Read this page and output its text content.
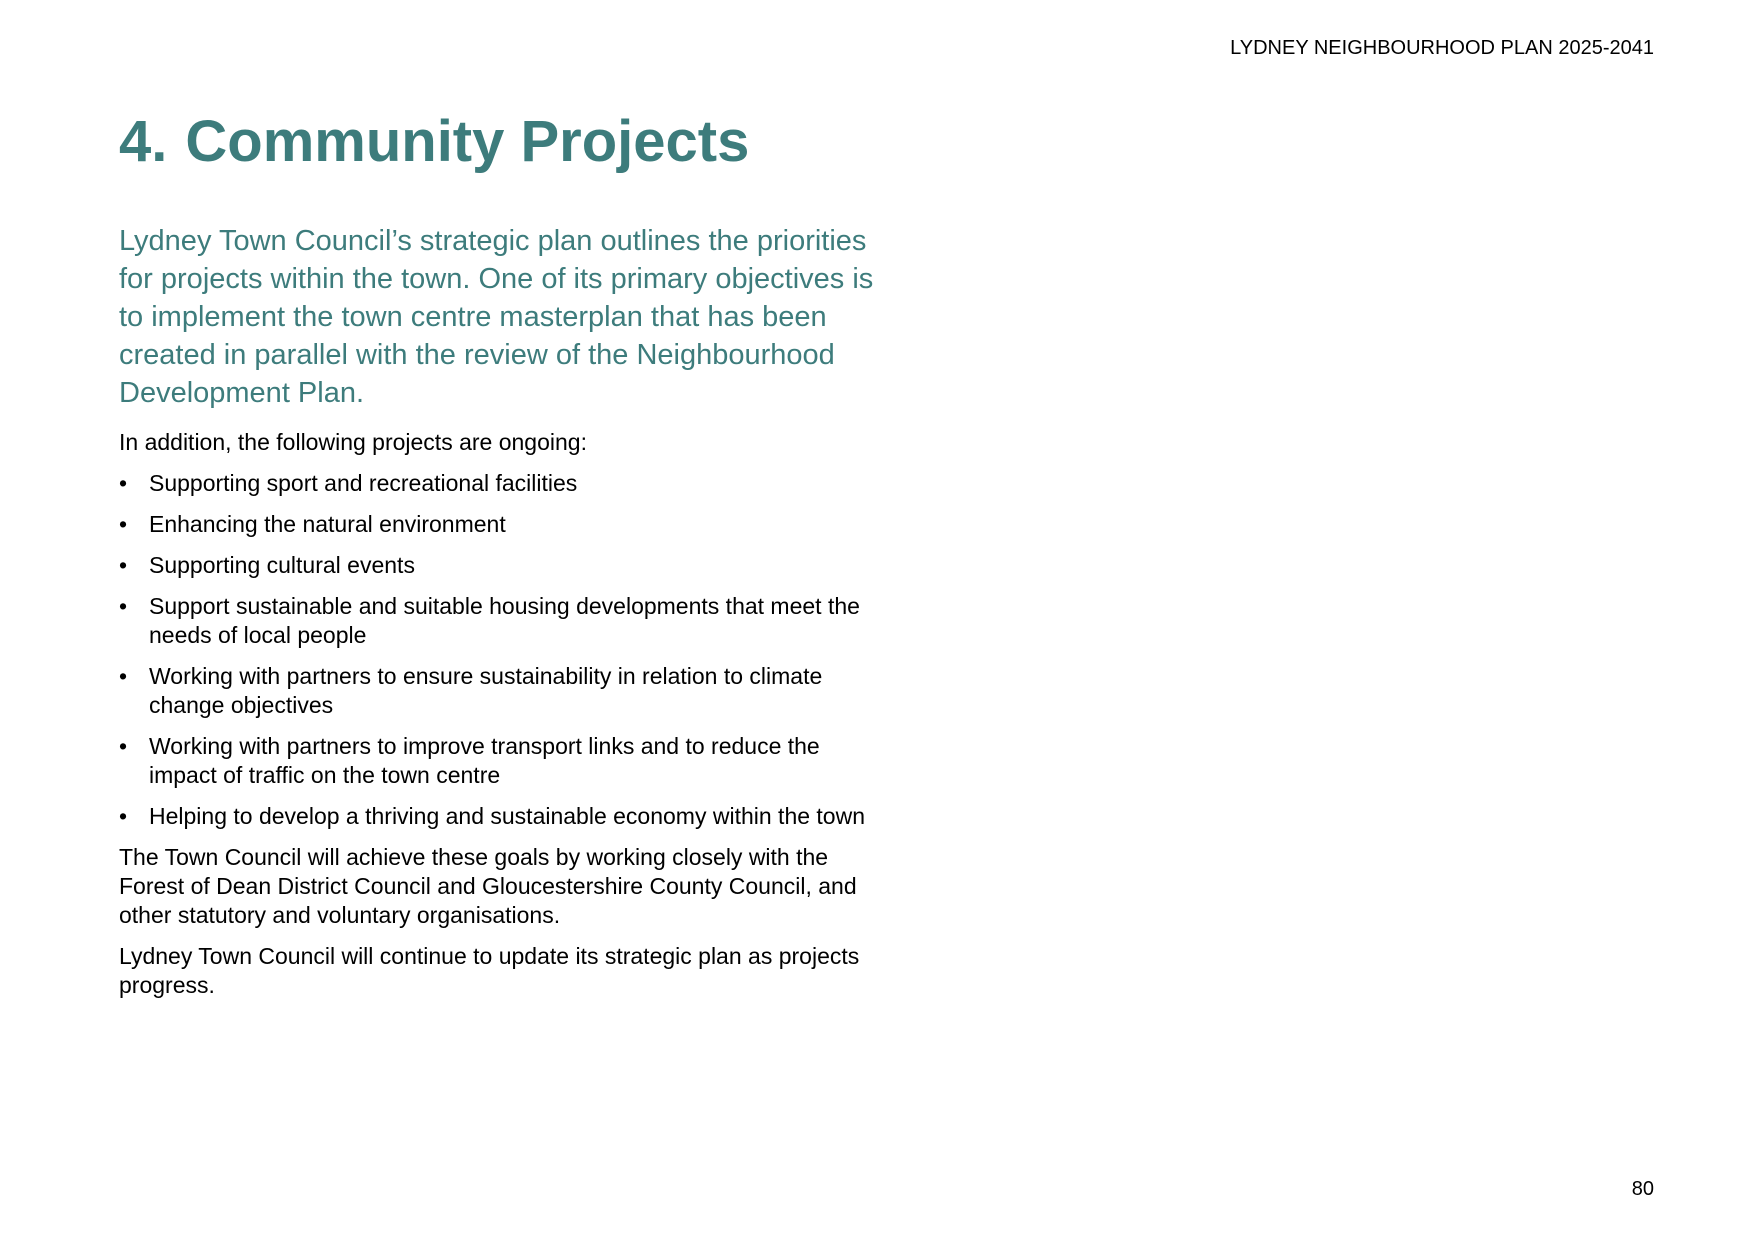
LYDNEY NEIGHBOURHOOD PLAN 2025-2041
4. Community Projects

Lydney Town Council’s strategic plan outlines the priorities for projects within the town. One of its primary objectives is to implement the town centre masterplan that has been created in parallel with the review of the Neighbourhood Development Plan.

In addition, the following projects are ongoing:

• Supporting sport and recreational facilities
• Enhancing the natural environment
• Supporting cultural events
• Support sustainable and suitable housing developments that meet the needs of local people
• Working with partners to ensure sustainability in relation to climate change objectives
• Working with partners to improve transport links and to reduce the impact of traffic on the town centre
• Helping to develop a thriving and sustainable economy within the town

The Town Council will achieve these goals by working closely with the Forest of Dean District Council and Gloucestershire County Council, and other statutory and voluntary organisations.

Lydney Town Council will continue to update its strategic plan as projects progress.

80
